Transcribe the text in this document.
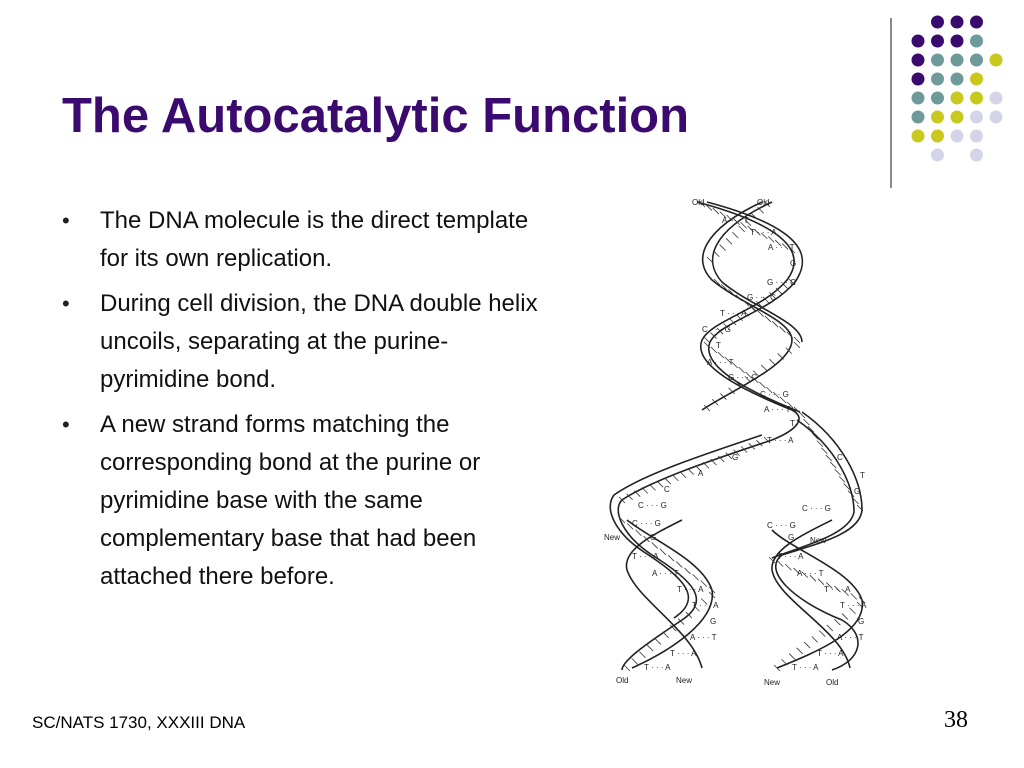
The Autocatalytic Function
•	The DNA molecule is the direct template for its own replication.
•	During cell division, the DNA double helix uncoils, separating at the purine-pyrimidine bond.
•	A new strand forms matching the corresponding bond at the purine or pyrimidine base with the same complementary base that had been attached there before.
Old	Old
A · · · T
T · · · A
A · · · T
G
G · · · C
G · · · C
T · · · A
C · · · G
T
A · · · T
G · · · C
C · · · G
A · · · T
T
T · · · A
G
A
C
C · · · G
C · · · G
C
T
G
C · · · G
C · · · G
New	New
G
T · · · A
A · · · T
T · · · A
T · · · A
G
A · · · T
T · · · A
T · · · A
G
T · · · A
A · · · T
T · · · A
T · · · A
G
A · · · T
T · · · A
T · · · A
Old	New	New	Old
SC/NATS 1730, XXXIII DNA	38
